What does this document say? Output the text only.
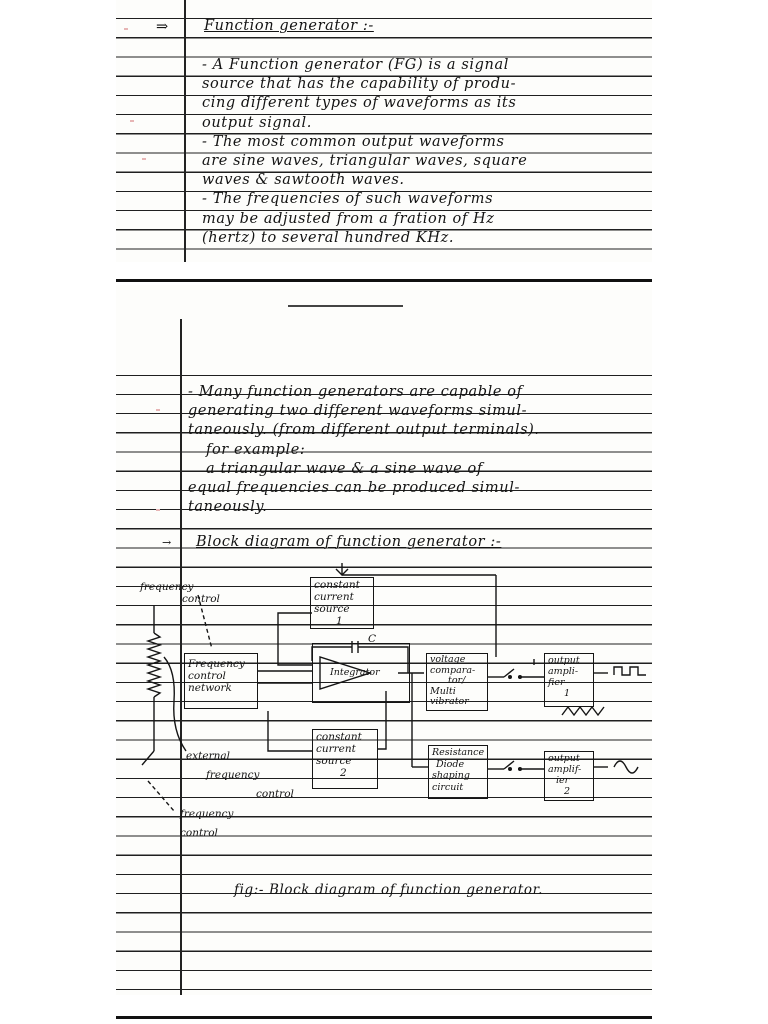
⇒ Function generator :-
- A Function generator (FG) is a signal
source that has the capability of produ-
cing different types of waveforms as its
output signal.
- The most common output waveforms
are sine waves, triangular waves, square
waves & sawtooth waves.
- The frequencies of such waveforms
may be adjusted from a fration of Hz
(hertz) to several hundred KHz.
- Many function generators are capable of
generating two different waveforms simul-
taneously. (from different output terminals).
for example:
a triangular wave & a sine wave of
equal frequencies can be produced simul-
taneously.
→ Block diagram of function generator :-
frequency
control
constant
current
source
1
Frequency
control
network
C
Integrator
voltage
compara-
tor/
Multi
vibrator
output
ampli-
fier
1
constant
current
source
2
Resistance
Diode
shaping
circuit
output
amplif-
ier
2
external
frequency
control
frequency
control
fig:- Block diagram of function generator.
